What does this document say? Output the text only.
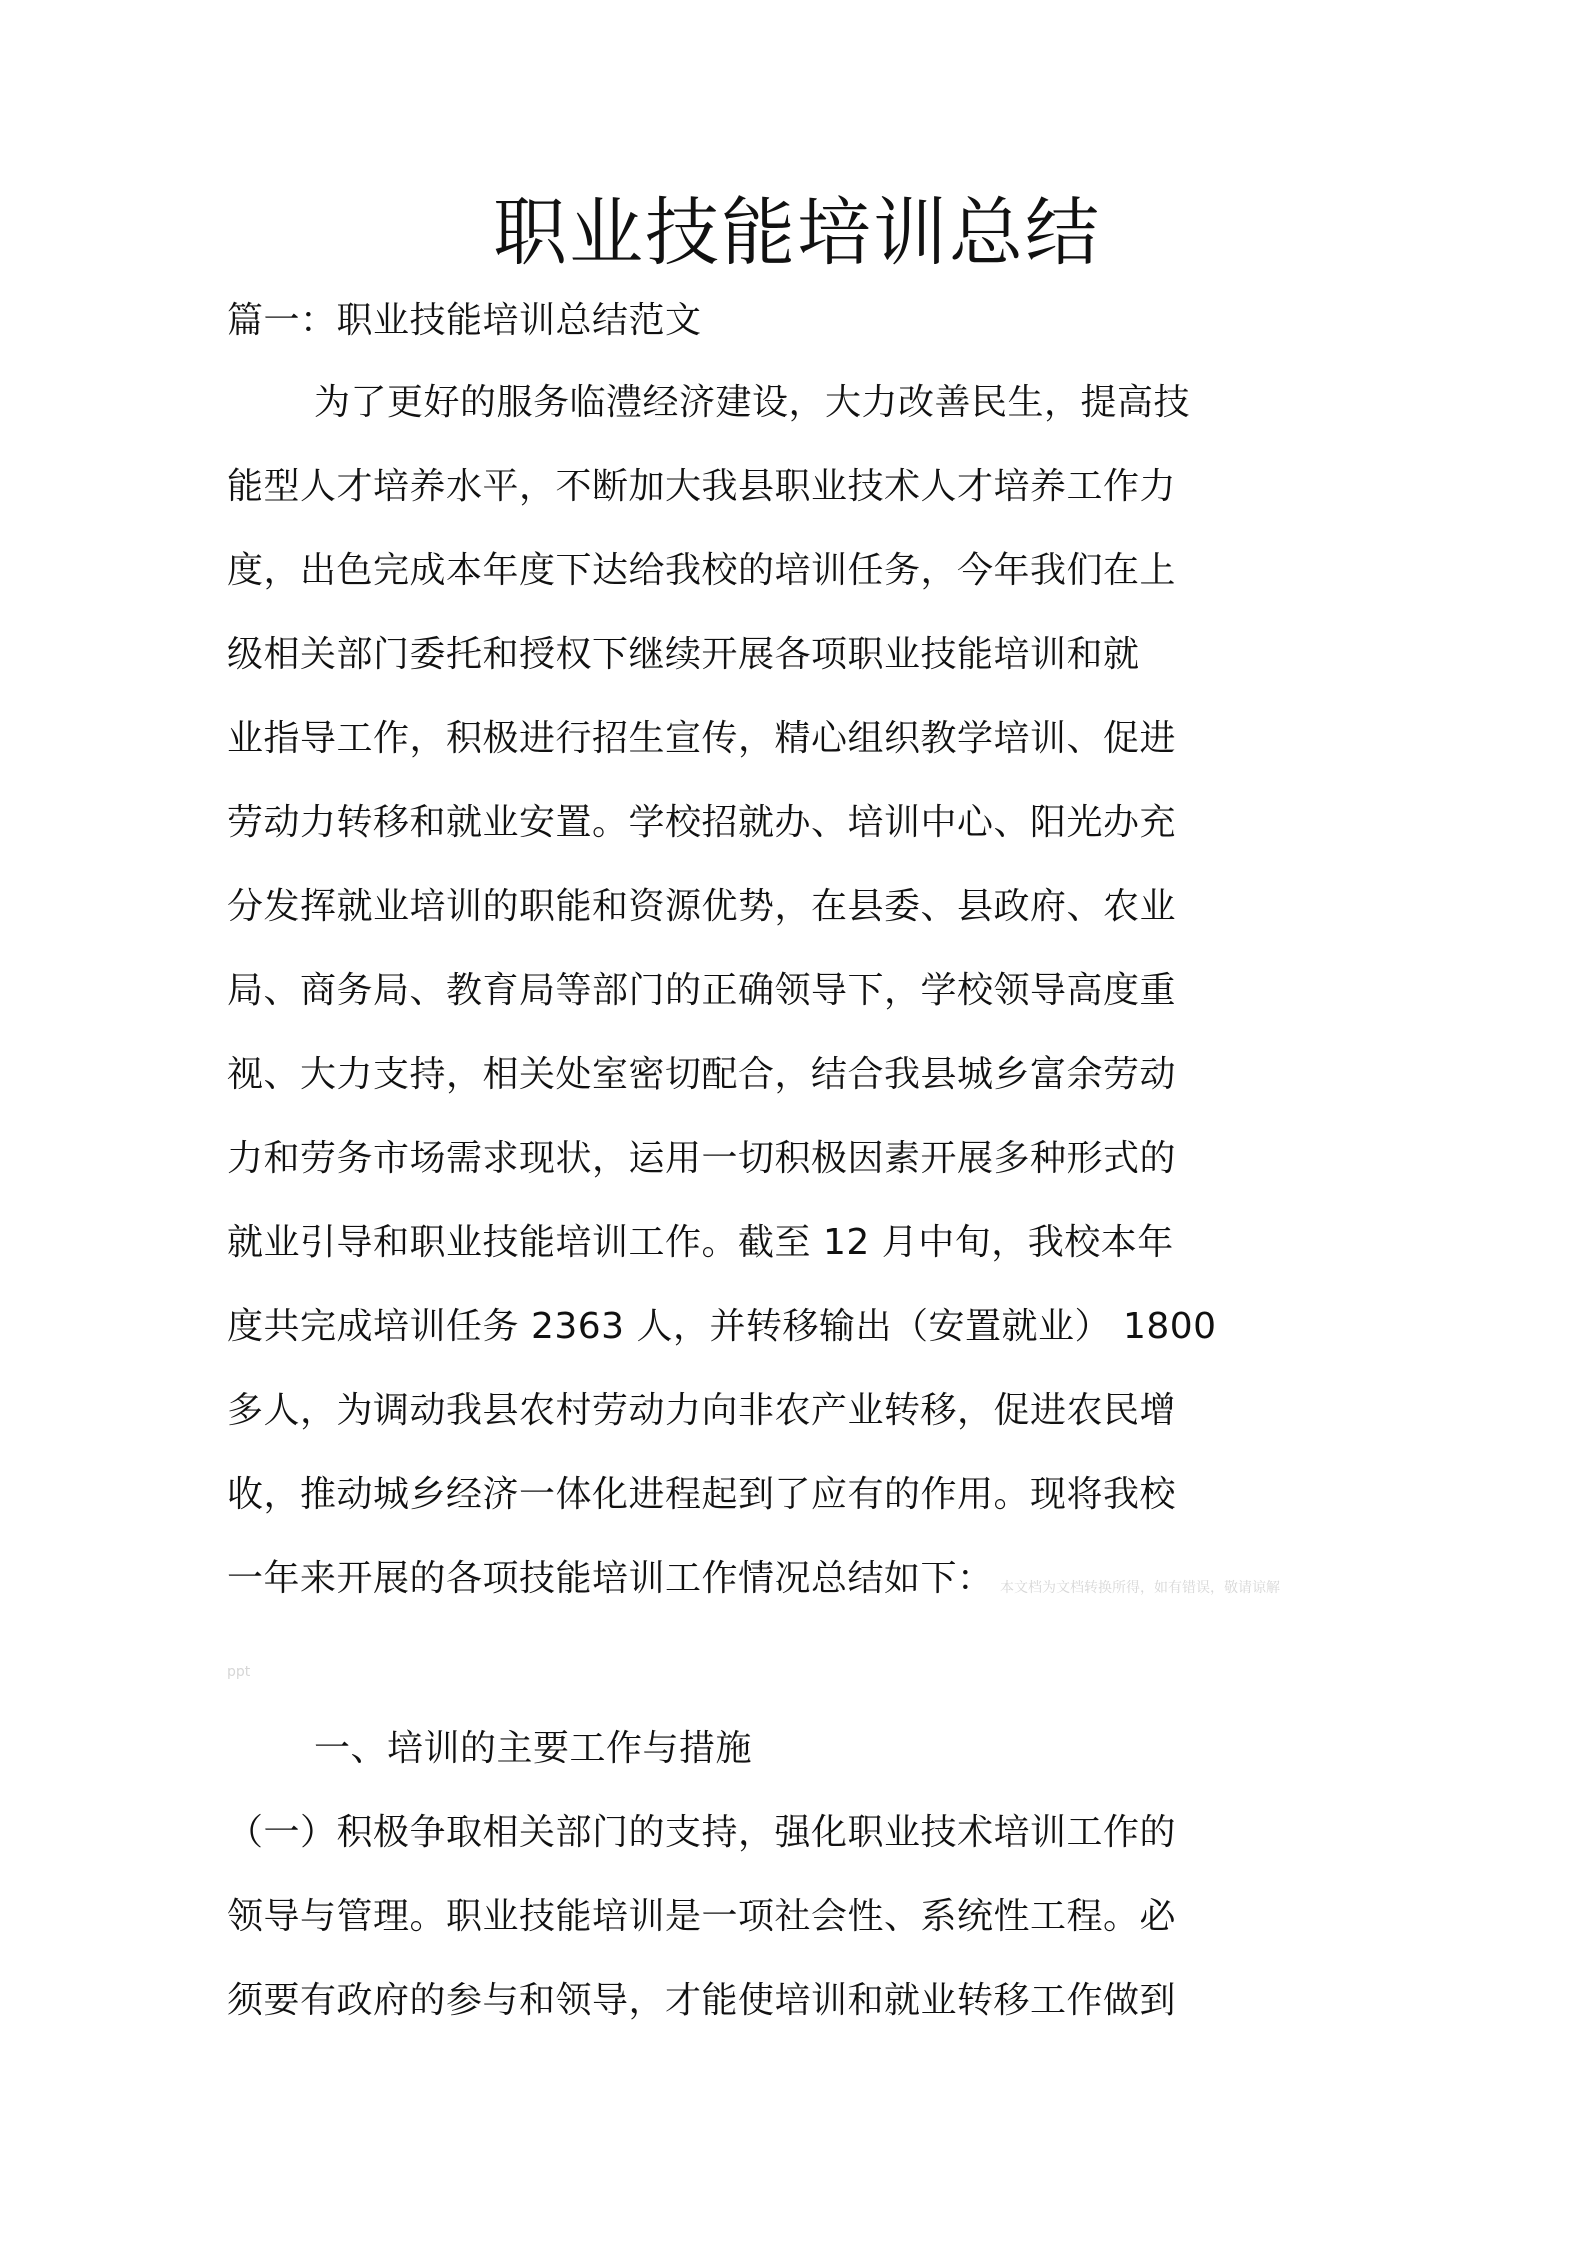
职业技能培训总结
篇一：职业技能培训总结范文
为了更好的服务临澧经济建设，大力改善民生，提高技
能型人才培养水平，不断加大我县职业技术人才培养工作力
度，出色完成本年度下达给我校的培训任务，今年我们在上
级相关部门委托和授权下继续开展各项职业技能培训和就
业指导工作，积极进行招生宣传，精心组织教学培训、促进
劳动力转移和就业安置。学校招就办、培训中心、阳光办充
分发挥就业培训的职能和资源优势，在县委、县政府、农业
局、商务局、教育局等部门的正确领导下，学校领导高度重
视、大力支持，相关处室密切配合，结合我县城乡富余劳动
力和劳务市场需求现状，运用一切积极因素开展多种形式的
就业引导和职业技能培训工作。截至 12 月中旬，我校本年
度共完成培训任务 2363 人，并转移输出（安置就业） 1800
多人，为调动我县农村劳动力向非农产业转移，促进农民增
收，推动城乡经济一体化进程起到了应有的作用。现将我校
一年来开展的各项技能培训工作情况总结如下： 本文档为文档转换所得，如有错误，敬请谅解
ppt
一、培训的主要工作与措施
（一）积极争取相关部门的支持，强化职业技术培训工作的
领导与管理。职业技能培训是一项社会性、系统性工程。必
须要有政府的参与和领导，才能使培训和就业转移工作做到
